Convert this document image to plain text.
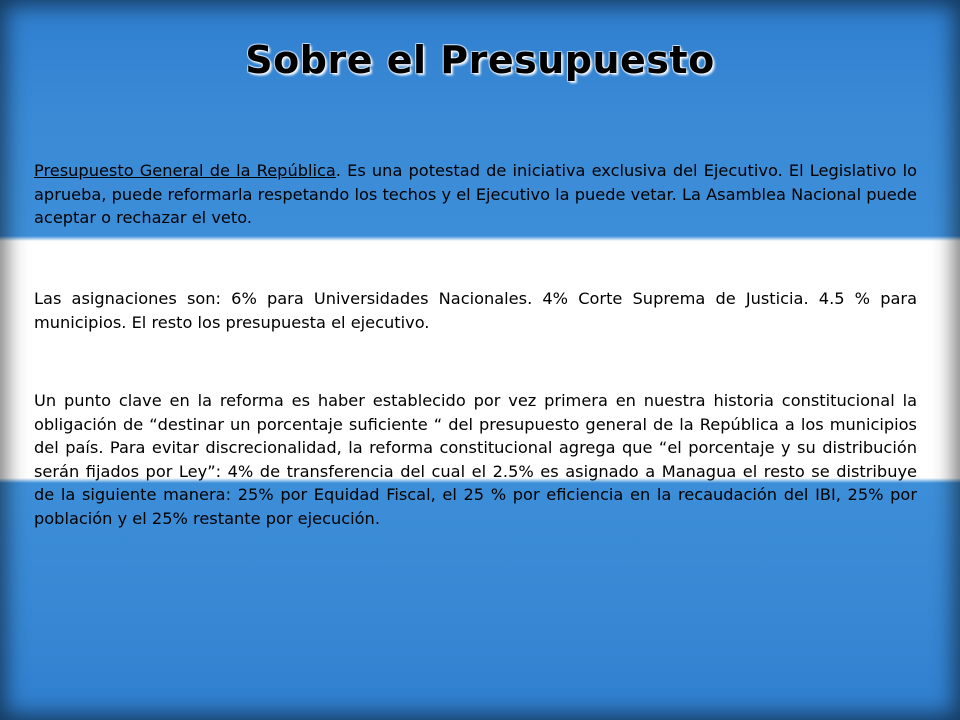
Sobre el Presupuesto

Presupuesto General de la República. Es una potestad de iniciativa exclusiva del Ejecutivo. El Legislativo lo aprueba, puede reformarla respetando los techos y el Ejecutivo la puede vetar. La Asamblea Nacional puede aceptar o rechazar el veto.

Las asignaciones son: 6% para Universidades Nacionales. 4% Corte Suprema de Justicia. 4.5 % para municipios. El resto los presupuesta el ejecutivo.

Un punto clave en la reforma es haber establecido por vez primera en nuestra historia constitucional la obligación de “destinar un porcentaje suficiente “ del presupuesto general de la República a los municipios del país. Para evitar discrecionalidad, la reforma constitucional agrega que “el porcentaje y su distribución serán fijados por Ley”: 4% de transferencia del cual el 2.5% es asignado a Managua el resto se distribuye de la siguiente manera: 25% por Equidad Fiscal, el 25 % por eficiencia en la recaudación del IBI, 25% por población y el 25% restante por ejecución.
